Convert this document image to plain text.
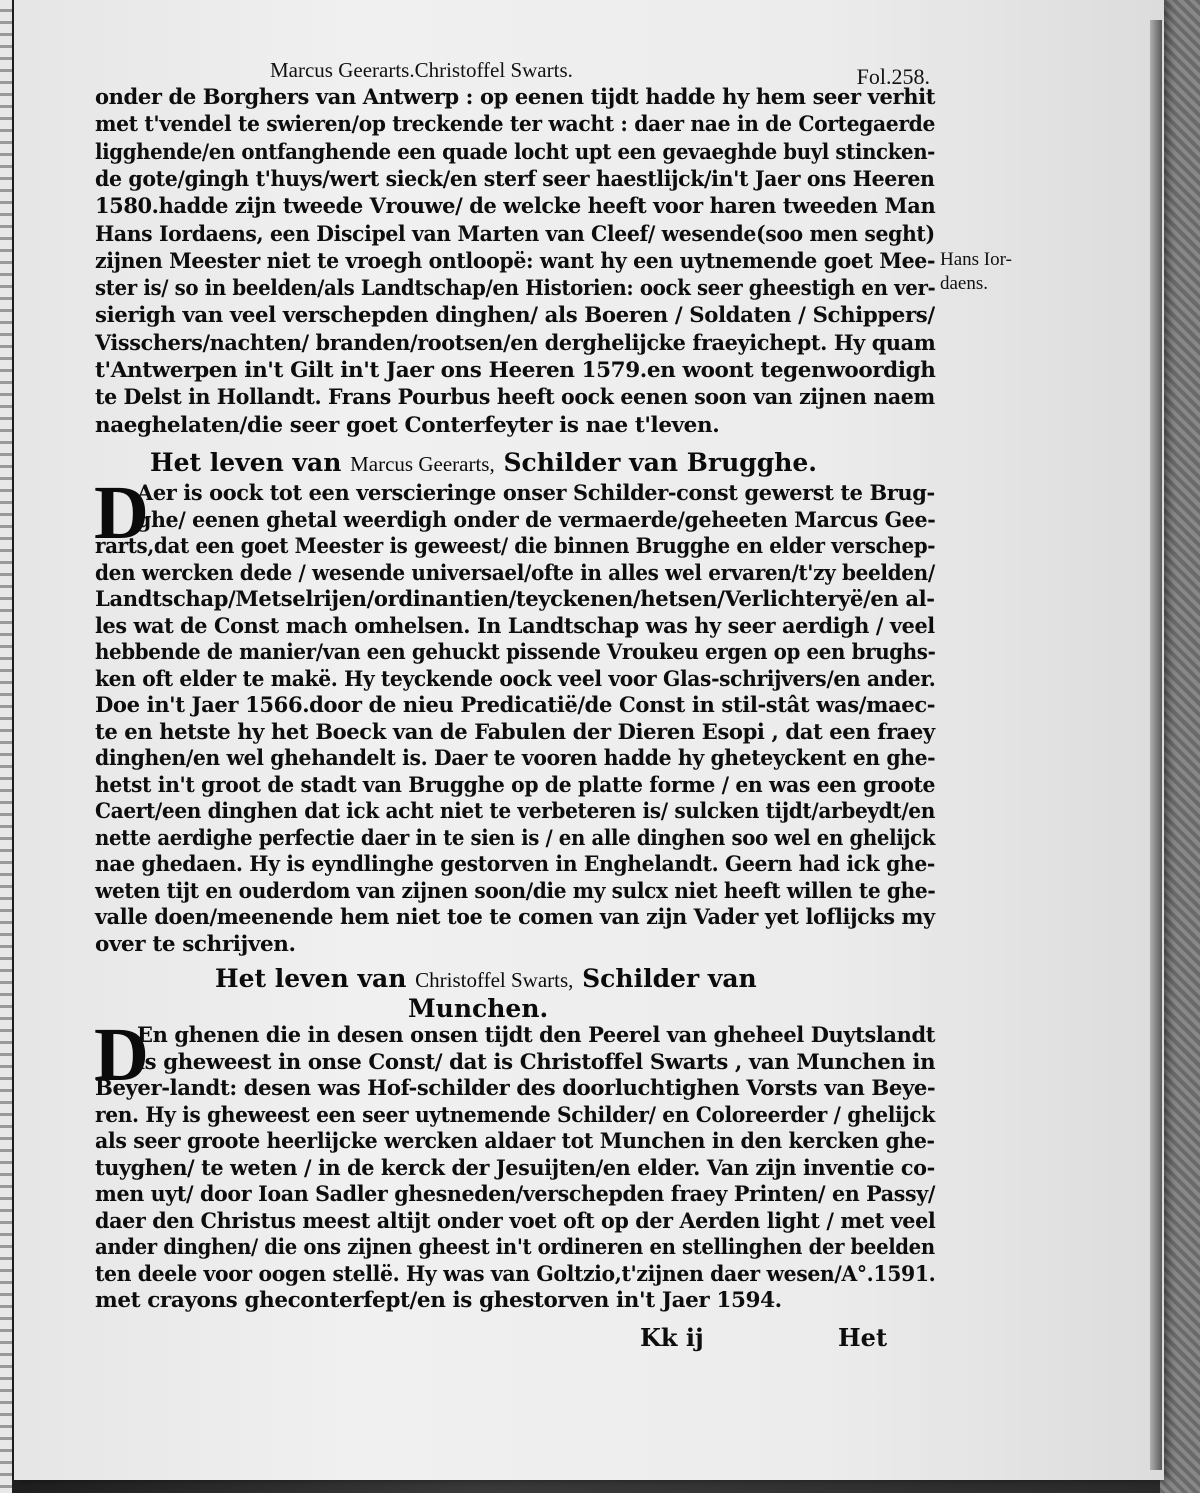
Marcus Geerarts.Christoffel Swarts.	Fol.258.
Hans Ior-
daens.
onder de Borghers van Antwerp : op eenen tijdt hadde hy hem seer verhit
met t'vendel te swieren/op treckende ter wacht : daer nae in de Cortegaerde
ligghende/en ontfanghende een quade locht upt een gevaeghde buyl stincken-
de gote/gingh t'huys/wert sieck/en sterf seer haestlijck/in't Jaer ons Heeren
1580.hadde zijn tweede Vrouwe/ de welcke heeft voor haren tweeden Man
Hans Iordaens, een Discipel van Marten van Cleef/ wesende(soo men seght)
zijnen Meester niet te vroegh ontloopë: want hy een uytnemende goet Mee-
ster is/ so in beelden/als Landtschap/en Historien: oock seer gheestigh en ver-
sierigh van veel verschepden dinghen/ als Boeren / Soldaten / Schippers/
Visschers/nachten/ branden/rootsen/en derghelijcke fraeyichept. Hy quam
t'Antwerpen in't Gilt in't Jaer ons Heeren 1579.en woont tegenwoordigh
te Delst in Hollandt. Frans Pourbus heeft oock eenen soon van zijnen naem
naeghelaten/die seer goet Conterfeyter is nae t'leven.
Het leven van Marcus Geerarts, Schilder van Brugghe.
D
Aer is oock tot een verscieringe onser Schilder-const gewerst te Brug-
ghe/ eenen ghetal weerdigh onder de vermaerde/geheeten Marcus Gee-
rarts,dat een goet Meester is geweest/ die binnen Brugghe en elder verschep-
den wercken dede / wesende universael/ofte in alles wel ervaren/t'zy beelden/
Landtschap/Metselrijen/ordinantien/teyckenen/hetsen/Verlichteryë/en al-
les wat de Const mach omhelsen. In Landtschap was hy seer aerdigh / veel
hebbende de manier/van een gehuckt pissende Vroukeu ergen op een brughs-
ken oft elder te makë. Hy teyckende oock veel voor Glas-schrijvers/en ander.
Doe in't Jaer 1566.door de nieu Predicatië/de Const in stil-stât was/maec-
te en hetste hy het Boeck van de Fabulen der Dieren Esopi , dat een fraey
dinghen/en wel ghehandelt is. Daer te vooren hadde hy gheteyckent en ghe-
hetst in't groot de stadt van Brugghe op de platte forme / en was een groote
Caert/een dinghen dat ick acht niet te verbeteren is/ sulcken tijdt/arbeydt/en
nette aerdighe perfectie daer in te sien is / en alle dinghen soo wel en ghelijck
nae ghedaen. Hy is eyndlinghe gestorven in Enghelandt. Geern had ick ghe-
weten tijt en ouderdom van zijnen soon/die my sulcx niet heeft willen te ghe-
valle doen/meenende hem niet toe te comen van zijn Vader yet loflijcks my
over te schrijven.
Het leven van Christoffel Swarts, Schilder van
Munchen.
D
En ghenen die in desen onsen tijdt den Peerel van gheheel Duytslandt
is gheweest in onse Const/ dat is Christoffel Swarts , van Munchen in
Beyer-landt: desen was Hof-schilder des doorluchtighen Vorsts van Beye-
ren. Hy is gheweest een seer uytnemende Schilder/ en Coloreerder / ghelijck
als seer groote heerlijcke wercken aldaer tot Munchen in den kercken ghe-
tuyghen/ te weten / in de kerck der Jesuijten/en elder. Van zijn inventie co-
men uyt/ door Ioan Sadler ghesneden/verschepden fraey Printen/ en Passy/
daer den Christus meest altijt onder voet oft op der Aerden light / met veel
ander dinghen/ die ons zijnen gheest in't ordineren en stellinghen der beelden
ten deele voor oogen stellë. Hy was van Goltzio,t'zijnen daer wesen/A°.1591.
met crayons gheconterfept/en is ghestorven in't Jaer 1594.
Kk ij	Het
